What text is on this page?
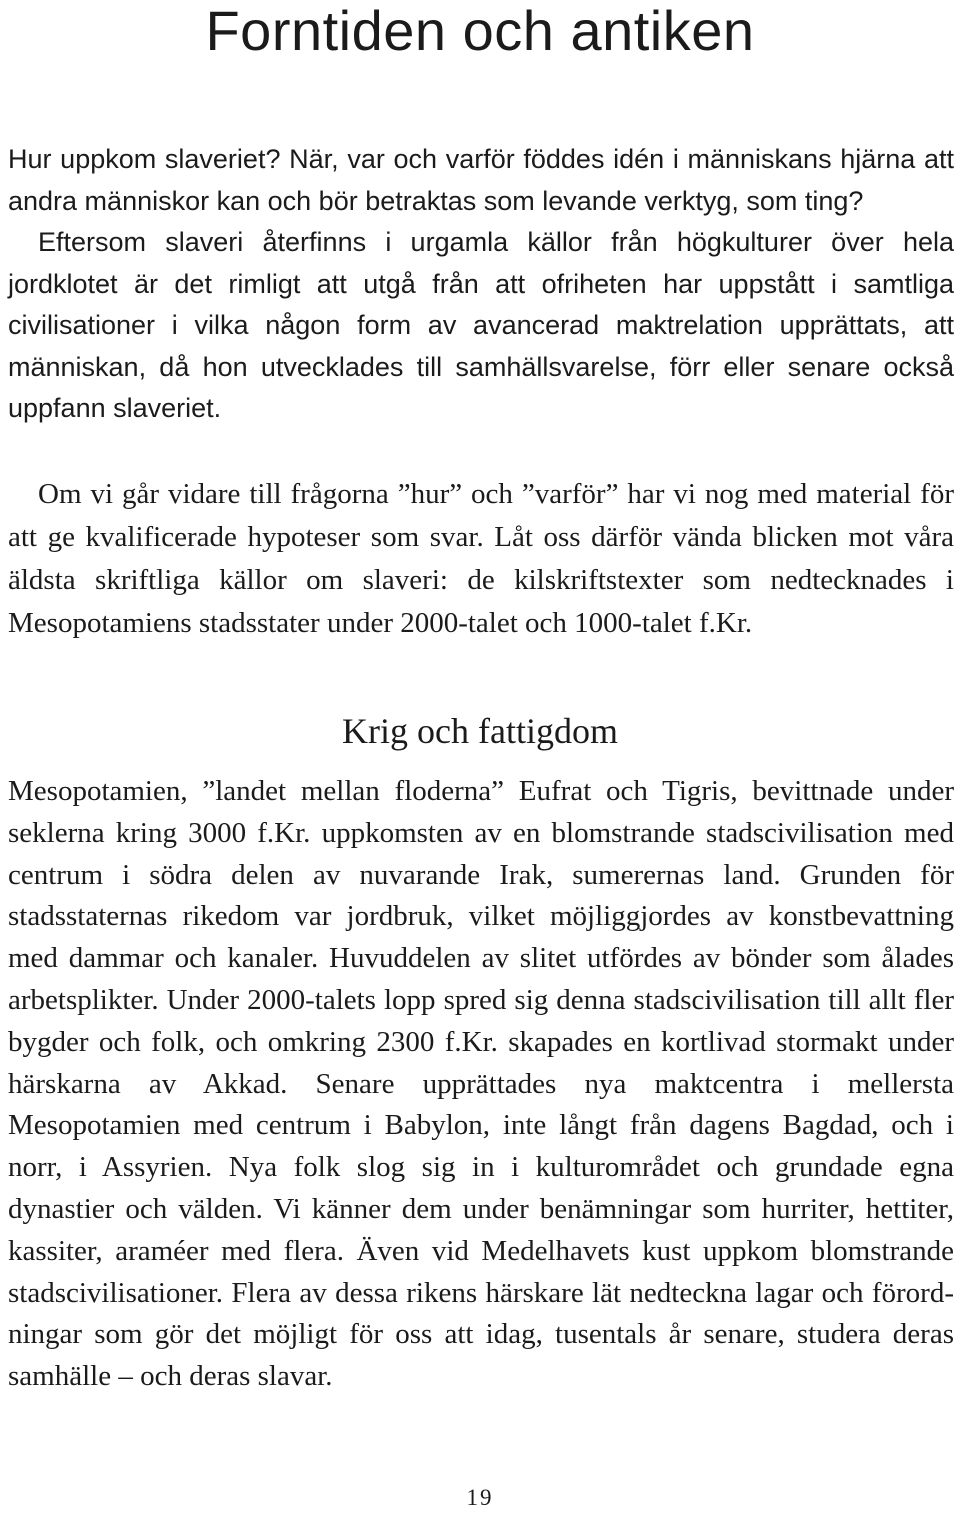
Forntiden och antiken

Hur uppkom slaveriet? När, var och varför föddes idén i människans hjärna att andra människor kan och bör betraktas som levande verktyg, som ting?

Eftersom slaveri återfinns i urgamla källor från högkulturer över hela jordklotet är det rimligt att utgå från att ofriheten har uppstått i samtliga civilisationer i vilka någon form av avancerad maktrelation upprättats, att människan, då hon utvecklades till samhällsvarelse, förr eller senare också uppfann slaveriet.

Om vi går vidare till frågorna ”hur” och ”varför” har vi nog med material för att ge kvalificerade hypoteser som svar. Låt oss därför vända blicken mot våra äldsta skriftliga källor om slaveri: de kilskriftstexter som nedtecknades i Mesopotamiens stadsstater under 2000-talet och 1000-talet f.Kr.

Krig och fattigdom

Mesopotamien, ”landet mellan floderna” Eufrat och Tigris, bevittnade under seklerna kring 3000 f.Kr. uppkomsten av en blomstrande stadscivilisation med centrum i södra delen av nuvarande Irak, sumerernas land. Grunden för stadsstaternas rikedom var jordbruk, vilket möjliggjordes av konstbevattning med dammar och kanaler. Huvuddelen av slitet utfördes av bönder som ålades arbetsplikter. Under 2000-talets lopp spred sig denna stadscivilisation till allt fler bygder och folk, och omkring 2300 f.Kr. skapades en kortlivad stormakt under härskarna av Akkad. Senare upprättades nya maktcentra i mellersta Mesopotamien med centrum i Babylon, inte långt från dagens Bagdad, och i norr, i Assyrien. Nya folk slog sig in i kulturområdet och grundade egna dynastier och välden. Vi känner dem under benämningar som hurriter, hettiter, kassiter, araméer med flera. Även vid Medelhavets kust uppkom blomstrande stadscivilisationer. Flera av dessa rikens härskare lät nedteckna lagar och förordningar som gör det möjligt för oss att idag, tusentals år senare, studera deras samhälle – och deras slavar.

19
